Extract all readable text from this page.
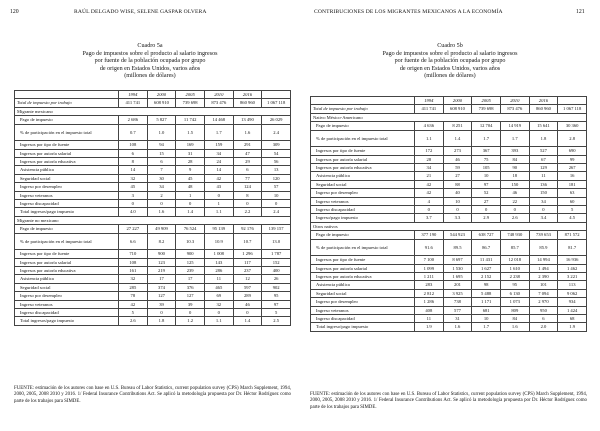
120	RAÚL DELGADO WISE, SELENE GASPAR OLVERA
Cuadro 5a
Pago de impuestos sobre el producto al salario ingresos
por fuente de la población ocupada por grupo
de origen en Estados Unidos, varios años
(millones de dólares)
	1994	2000	2005	2010	2016	
Total de impuesto por trabajo	411 741	608 910	739 698	873 476	860 960	1 067 118
Migrante mexicano						
Pago de impuesto	2 686	5 827	11 742	14 468	13 490	26 029
% de participación en el impuesto total	0.7	1.0	1.5	1.7	1.6	2.4
Ingresos por tipo de fuente	108	94	169	159	291	309
Ingresos por autoría salarial	6	15	31	34	47	54
Ingresos por autoría educativa	8	6	28	24	29	56
Asistencia pública	14	7	9	14	6	13
Seguridad social	32	30	45	42	77	120
Ingreso por desempleo	45	34	48	43	124	57
Ingreso veteranos	3	2	1	0	8	10
Ingreso discapacidad	0	0	0	1	0	0
Total ingresos/pago impuesto	4.0	1.6	1.4	1.1	2.2	2.4
Migrante no mexicano						
Pago de impuesto	27 227	49 909	76 524	95 139	92 176	139 157
% de participación en el impuesto total	6.6	8.2	10.3	10.9	10.7	13.0
Ingresos por tipo de fuente	710	900	900	1 008	1 296	1 787
Ingresos por autoría salarial	108	123	125	143	117	152
Ingresos por autoría educativa	161	219	239	286	237	400
Asistencia pública	32	17	17	11	12	26
Seguridad social	285	374	376	465	597	902
Ingreso por desempleo	78	127	127	69	289	95
Ingreso veteranos	42	39	39	32	46	97
Ingreso discapacidad	5	0	0	0	0	5
Total ingresos/pago impuesto	2.6	1.8	1.2	1.1	1.4	2.5
FUENTE: estimación de los autores con base en U.S. Bureau of Labor Statistics, current population survey (CPS) March Supplement, 1994, 2000, 2005, 2008 2010 y 2016. 1/ Federal Insurance Contributions Act. Se aplicó la metodología propuesta por Dr. Héctor Rodríguez como parte de los trabajos para SIMDE.
CONTRIBUCIONES DE LOS MIGRANTES MEXICANOS A LA ECONOMÍA	121
Cuadro 5b
Pago de impuestos sobre el producto al salario ingresos
por fuente de la población ocupada por grupo
de origen en Estados Unidos, varios años
(millones de dólares)
	1994	2000	2005	2010	2016	
Total de impuesto por trabajo	411 741	608 910	739 698	873 476	860 960	1 067 118
Nativo México-Americano						
Pago de impuesto	4 636	8 251	12 704	14 919	15 641	30 360
% de participación en el impuesto total	1.1	1.4	1.7	1.7	1.8	2.8
Ingresos por tipo de fuente	172	273	367	393	527	690
Ingresos por autoría salarial	28	46	75	84	67	99
Ingresos por autoría educativa	34	59	105	90	129	267
Asistencia pública	21	27	10	18	11	16
Seguridad social	42	88	97	150	136	181
Ingreso por desempleo	42	40	52	46	150	63
Ingreso veteranos	4	10	27	22	34	60
Ingreso discapacidad	0	0	0	0	0	5
Ingreso/pago impuesto	3.7	3.3	2.9	2.6	3.4	4.5
Otros nativos						
Pago de impuesto	377 190	544 923	638 727	748 930	739 653	871 572
% de participación en el impuesto total	91.6	89.5	86.7	85.7	85.9	81.7
Ingresos por tipo de fuente	7 100	8 697	11 431	12 018	14 994	16 936
Ingresos por autoría salarial	1 099	1 530	1 627	1 610	1 494	1 462
Ingresos por autoría educativa	1 211	1 695	2 152	2 238	2 390	3 221
Asistencia pública	283	201	98	95	101	113
Seguridad social	2 812	3 925	5 488	6 130	7 094	9 062
Ingreso por desempleo	1 286	738	1 171	1 073	2 970	934
Ingreso veteranos	408	577	681	809	950	1 424
Ingreso discapacidad	11	31	10	84	6	68
Total ingreso/pago impuesto	1.9	1.6	1.7	1.6	2.0	1.9
FUENTE: estimación de los autores con base en U.S. Bureau of Labor Statistics, current population survey (CPS) March Supplement, 1994, 2000, 2005, 2008 2010 y 2016. 1/ Federal Insurance Contributions Act. Se aplicó la metodología propuesta por Dr. Héctor Rodríguez como parte de los trabajos para SIMDE.
